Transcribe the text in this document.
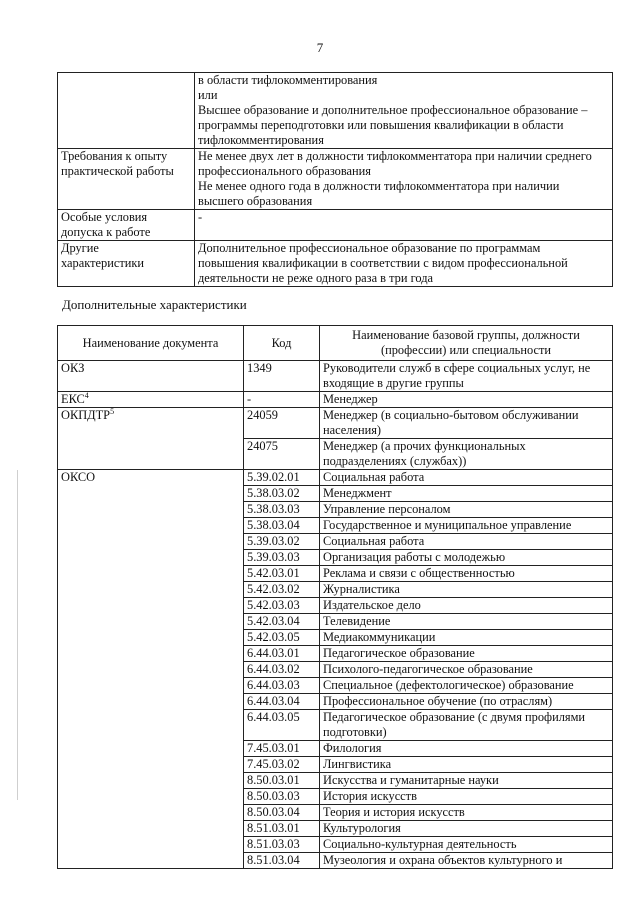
7

	в области тифлокомментирования
или
Высшее образование и дополнительное профессиональное образование –
программы переподготовки или повышения квалификации в области
тифлокомментирования

Требования к опыту
практической работы	Не менее двух лет в должности тифлокомментатора при наличии среднего
профессионального образования
Не менее одного года в должности тифлокомментатора при наличии
высшего образования

Особые условия
допуска к работе	-

Другие
характеристики	Дополнительное профессиональное образование по программам
повышения квалификации в соответствии с видом профессиональной
деятельности не реже одного раза в три года
Дополнительные характеристики
Наименование документа	Код	Наименование базовой группы, должности
(профессии) или специальности

ОКЗ	1349	Руководители служб в сфере социальных услуг, не
входящие в другие группы

ЕКС$^4$	-	Менеджер

ОКПДТР$^5$	24059	Менеджер (в социально-бытовом обслуживании
населения)

	24075	Менеджер (а прочих функциональных
подразделениях (службах))

ОКСО	5.39.02.01	Социальная работа

	5.38.03.02	Менеджмент

	5.38.03.03	Управление персоналом

	5.38.03.04	Государственное и муниципальное управление

	5.39.03.02	Социальная работа

	5.39.03.03	Организация работы с молодежью

	5.42.03.01	Реклама и связи с общественностью

	5.42.03.02	Журналистика

	5.42.03.03	Издательское дело

	5.42.03.04	Телевидение

	5.42.03.05	Медиакоммуникации

	6.44.03.01	Педагогическое образование

	6.44.03.02	Психолого-педагогическое образование

	6.44.03.03	Специальное (дефектологическое) образование

	6.44.03.04	Профессиональное обучение (по отраслям)

	6.44.03.05	Педагогическое образование (с двумя профилями
подготовки)

	7.45.03.01	Филология

	7.45.03.02	Лингвистика

	8.50.03.01	Искусства и гуманитарные науки

	8.50.03.03	История искусств

	8.50.03.04	Теория и история искусств

	8.51.03.01	Культурология

	8.51.03.03	Социально-культурная деятельность

	8.51.03.04	Музеология и охрана объектов культурного и
